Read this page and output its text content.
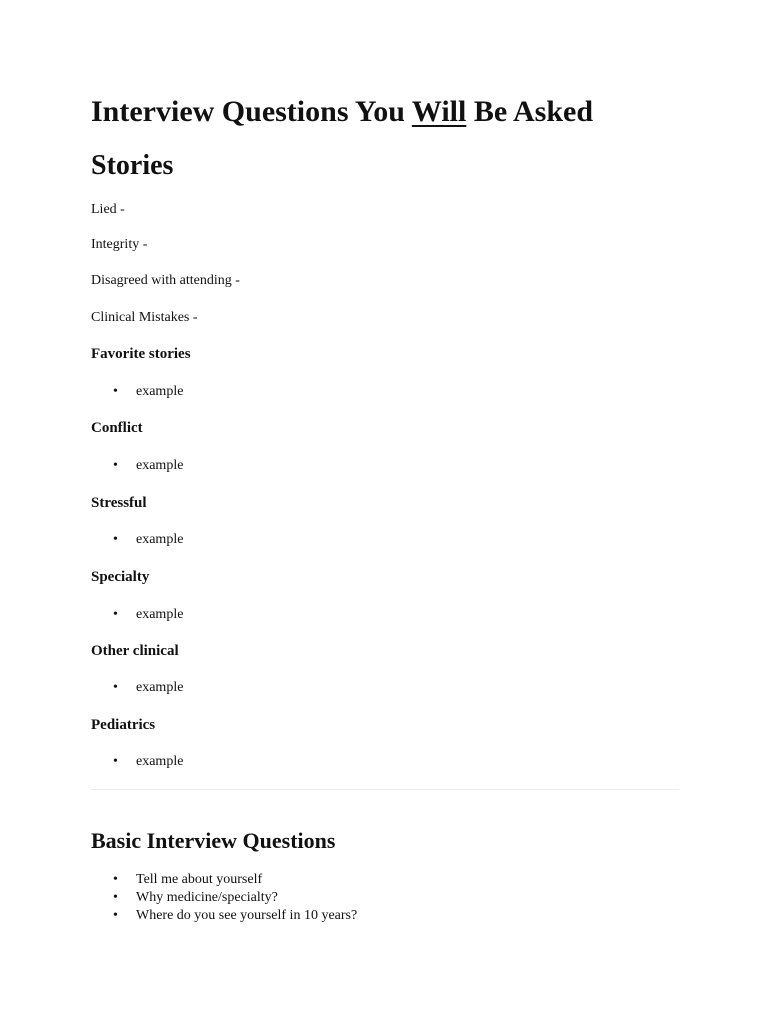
Interview Questions You Will Be Asked
Stories

Lied -

Integrity -

Disagreed with attending -

Clinical Mistakes -

Favorite stories
• example
Conflict
• example
Stressful
• example
Specialty
• example
Other clinical
• example
Pediatrics
• example
Basic Interview Questions
• Tell me about yourself
• Why medicine/specialty?
• Where do you see yourself in 10 years?
